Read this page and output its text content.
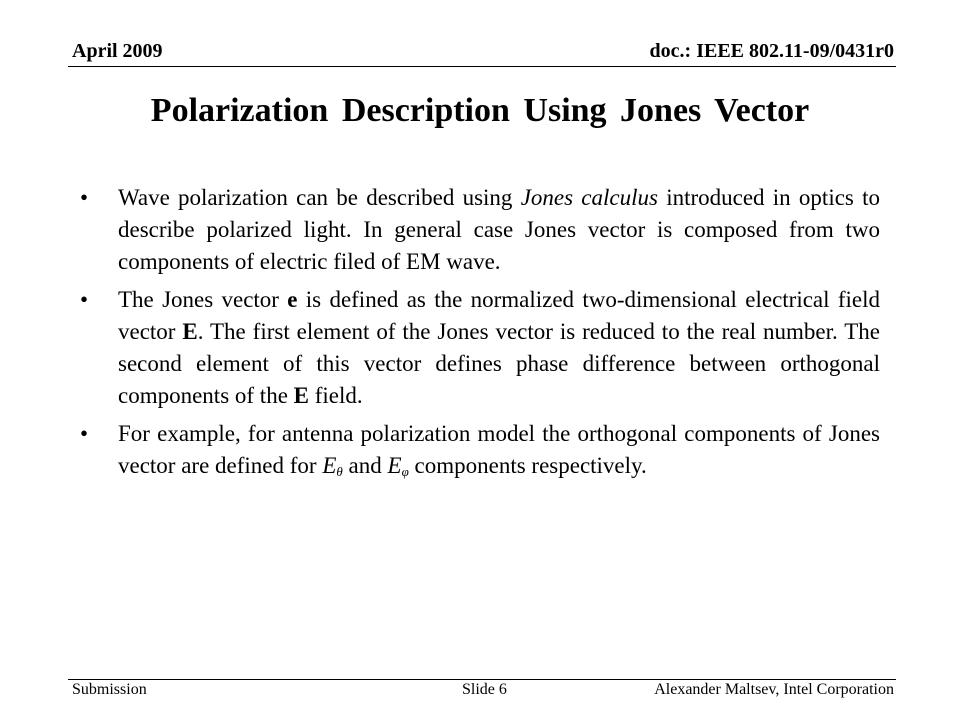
April 2009	doc.: IEEE 802.11-09/0431r0
Polarization Description Using Jones Vector
• Wave polarization can be described using Jones calculus introduced in optics to describe polarized light. In general case Jones vector is composed from two components of electric filed of EM wave.
• The Jones vector e is defined as the normalized two-dimensional electrical field vector E. The first element of the Jones vector is reduced to the real number. The second element of this vector defines phase difference between orthogonal components of the E field.
• For example, for antenna polarization model the orthogonal components of Jones vector are defined for $E_\theta$ and $E_\varphi$ components respectively.
Submission	Slide 6	Alexander Maltsev, Intel Corporation
